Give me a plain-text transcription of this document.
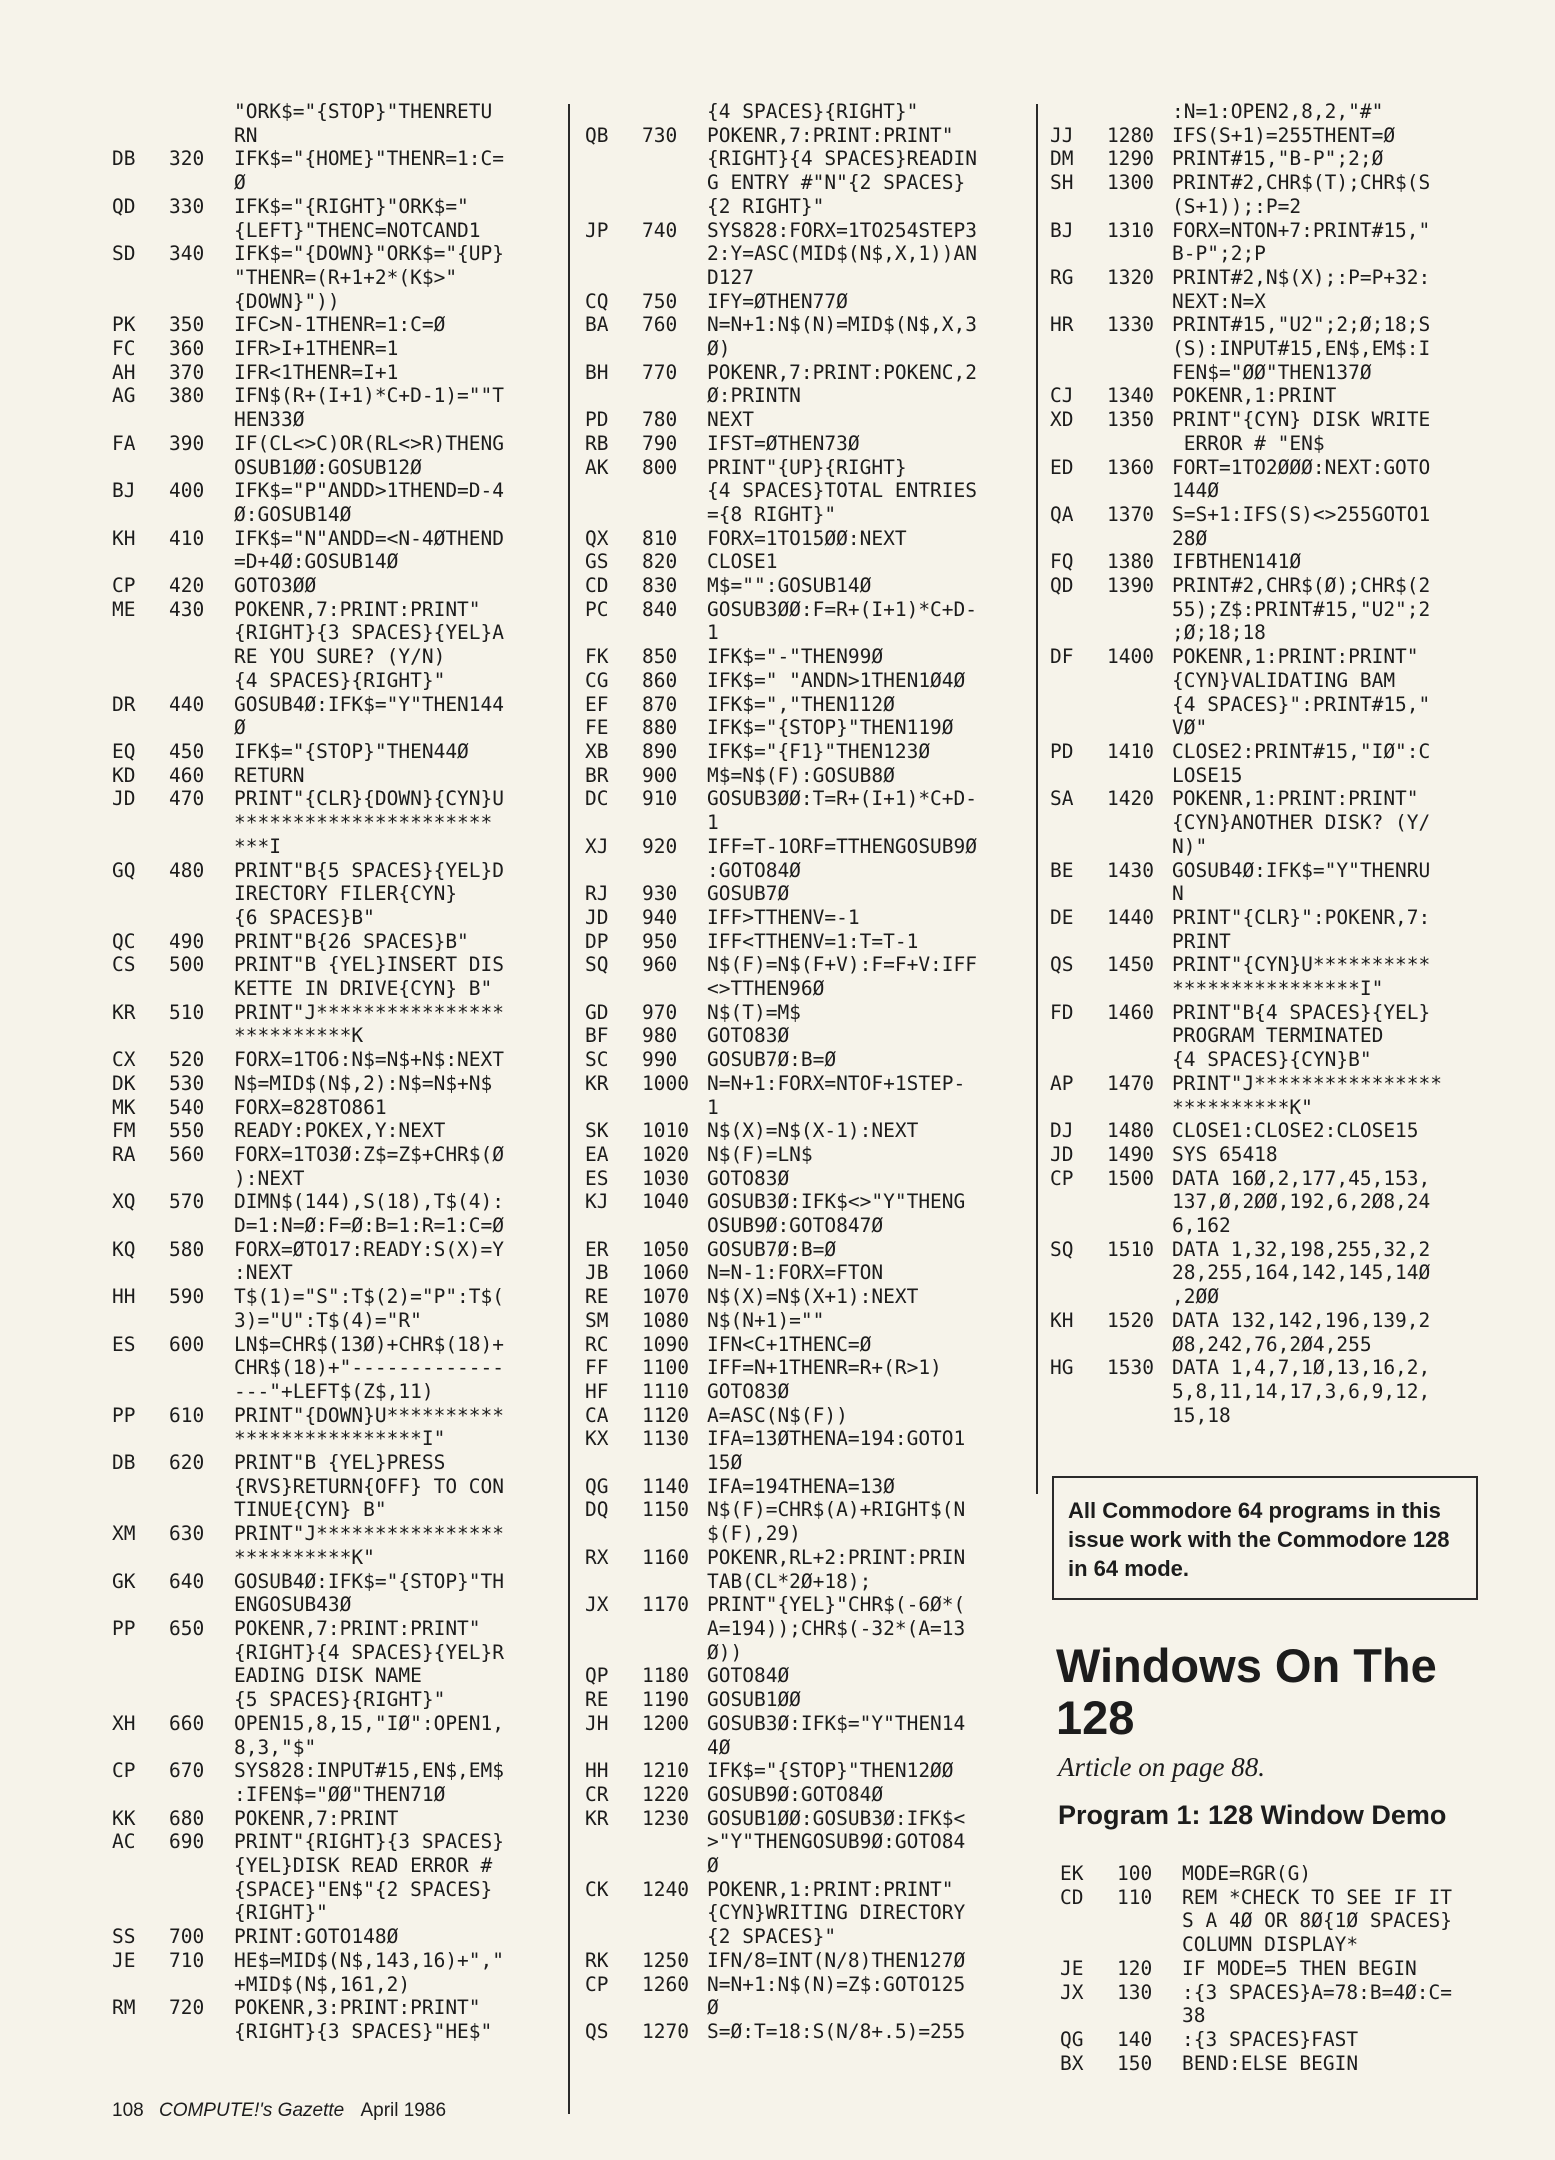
"ORK$="{STOP}"THENRETU
RN
DB	320	IFK$="{HOME}"THENR=1:C=
Ø
QD	330	IFK$="{RIGHT}"ORK$="
{LEFT}"THENC=NOTCAND1
SD	340	IFK$="{DOWN}"ORK$="{UP}
"THENR=(R+1+2*(K$>"
{DOWN}"))
PK	350	IFC>N-1THENR=1:C=Ø
FC	360	IFR>I+1THENR=1
AH	370	IFR<1THENR=I+1
AG	380	IFN$(R+(I+1)*C+D-1)=""T
HEN33Ø
FA	390	IF(CL<>C)OR(RL<>R)THENG
OSUB1ØØ:GOSUB12Ø
BJ	400	IFK$="P"ANDD>1THEND=D-4
Ø:GOSUB14Ø
KH	410	IFK$="N"ANDD=<N-4ØTHEND
=D+4Ø:GOSUB14Ø
CP	420	GOTO3ØØ
ME	430	POKENR,7:PRINT:PRINT"
{RIGHT}{3 SPACES}{YEL}A
RE YOU SURE? (Y/N)
{4 SPACES}{RIGHT}"
DR	440	GOSUB4Ø:IFK$="Y"THEN144
Ø
EQ	450	IFK$="{STOP}"THEN44Ø
KD	460	RETURN
JD	470	PRINT"{CLR}{DOWN}{CYN}U
**********************
***I
GQ	480	PRINT"B{5 SPACES}{YEL}D
IRECTORY FILER{CYN}
{6 SPACES}B"
QC	490	PRINT"B{26 SPACES}B"
CS	500	PRINT"B {YEL}INSERT DIS
KETTE IN DRIVE{CYN} B"
KR	510	PRINT"J****************
**********K
CX	520	FORX=1TO6:N$=N$+N$:NEXT
DK	530	N$=MID$(N$,2):N$=N$+N$
MK	540	FORX=828TO861
FM	550	READY:POKEX,Y:NEXT
RA	560	FORX=1TO3Ø:Z$=Z$+CHR$(Ø
):NEXT
XQ	570	DIMN$(144),S(18),T$(4):
D=1:N=Ø:F=Ø:B=1:R=1:C=Ø
KQ	580	FORX=ØTO17:READY:S(X)=Y
:NEXT
HH	590	T$(1)="S":T$(2)="P":T$(
3)="U":T$(4)="R"
ES	600	LN$=CHR$(13Ø)+CHR$(18)+
CHR$(18)+"-------------
---"+LEFT$(Z$,11)
PP	610	PRINT"{DOWN}U**********
****************I"
DB	620	PRINT"B {YEL}PRESS
{RVS}RETURN{OFF} TO CON
TINUE{CYN} B"
XM	630	PRINT"J****************
**********K"
GK	640	GOSUB4Ø:IFK$="{STOP}"TH
ENGOSUB43Ø
PP	650	POKENR,7:PRINT:PRINT"
{RIGHT}{4 SPACES}{YEL}R
EADING DISK NAME
{5 SPACES}{RIGHT}"
XH	660	OPEN15,8,15,"IØ":OPEN1,
8,3,"$"
CP	670	SYS828:INPUT#15,EN$,EM$
:IFEN$="ØØ"THEN71Ø
KK	680	POKENR,7:PRINT
AC	690	PRINT"{RIGHT}{3 SPACES}
{YEL}DISK READ ERROR #
{SPACE}"EN$"{2 SPACES}
{RIGHT}"
SS	700	PRINT:GOTO148Ø
JE	710	HE$=MID$(N$,143,16)+","
+MID$(N$,161,2)
RM	720	POKENR,3:PRINT:PRINT"
{RIGHT}{3 SPACES}"HE$"
{4 SPACES}{RIGHT}"
QB	730	POKENR,7:PRINT:PRINT"
{RIGHT}{4 SPACES}READIN
G ENTRY #"N"{2 SPACES}
{2 RIGHT}"
JP	740	SYS828:FORX=1TO254STEP3
2:Y=ASC(MID$(N$,X,1))AN
D127
CQ	750	IFY=ØTHEN77Ø
BA	760	N=N+1:N$(N)=MID$(N$,X,3
Ø)
BH	770	POKENR,7:PRINT:POKENC,2
Ø:PRINTN
PD	780	NEXT
RB	790	IFST=ØTHEN73Ø
AK	800	PRINT"{UP}{RIGHT}
{4 SPACES}TOTAL ENTRIES
={8 RIGHT}"
QX	810	FORX=1TO15ØØ:NEXT
GS	820	CLOSE1
CD	830	M$="":GOSUB14Ø
PC	840	GOSUB3ØØ:F=R+(I+1)*C+D-
1
FK	850	IFK$="-"THEN99Ø
CG	860	IFK$=" "ANDN>1THEN1Ø4Ø
EF	870	IFK$=","THEN112Ø
FE	880	IFK$="{STOP}"THEN119Ø
XB	890	IFK$="{F1}"THEN123Ø
BR	900	M$=N$(F):GOSUB8Ø
DC	910	GOSUB3ØØ:T=R+(I+1)*C+D-
1
XJ	920	IFF=T-1ORF=TTHENGOSUB9Ø
:GOTO84Ø
RJ	930	GOSUB7Ø
JD	940	IFF>TTHENV=-1
DP	950	IFF<TTHENV=1:T=T-1
SQ	960	N$(F)=N$(F+V):F=F+V:IFF
<>TTHEN96Ø
GD	970	N$(T)=M$
BF	980	GOTO83Ø
SC	990	GOSUB7Ø:B=Ø
KR	1000 N=N+1:FORX=NTOF+1STEP-
1
SK	1010 N$(X)=N$(X-1):NEXT
EA	1020 N$(F)=LN$
ES	1030 GOTO83Ø
KJ	1040 GOSUB3Ø:IFK$<>"Y"THENG
OSUB9Ø:GOTO847Ø
ER	1050 GOSUB7Ø:B=Ø
JB	1060 N=N-1:FORX=FTON
RE	1070 N$(X)=N$(X+1):NEXT
SM	1080 N$(N+1)=""
RC	1090 IFN<C+1THENC=Ø
FF	1100 IFF=N+1THENR=R+(R>1)
HF	1110 GOTO83Ø
CA	1120 A=ASC(N$(F))
KX	1130 IFA=13ØTHENA=194:GOTO1
15Ø
QG	1140 IFA=194THENA=13Ø
DQ	1150 N$(F)=CHR$(A)+RIGHT$(N
$(F),29)
RX	1160 POKENR,RL+2:PRINT:PRIN
TAB(CL*2Ø+18);
JX	1170 PRINT"{YEL}"CHR$(-6Ø*(
A=194));CHR$(-32*(A=13
Ø))
QP	1180 GOTO84Ø
RE	1190 GOSUB1ØØ
JH	1200 GOSUB3Ø:IFK$="Y"THEN14
4Ø
HH	1210 IFK$="{STOP}"THEN12ØØ
CR	1220 GOSUB9Ø:GOTO84Ø
KR	1230 GOSUB1ØØ:GOSUB3Ø:IFK$<
>"Y"THENGOSUB9Ø:GOTO84
Ø
CK	1240 POKENR,1:PRINT:PRINT"
{CYN}WRITING DIRECTORY
{2 SPACES}"
RK	1250 IFN/8=INT(N/8)THEN127Ø
CP	1260 N=N+1:N$(N)=Z$:GOTO125
Ø
QS	1270 S=Ø:T=18:S(N/8+.5)=255
:N=1:OPEN2,8,2,"#"
JJ	1280 IFS(S+1)=255THENT=Ø
DM	1290 PRINT#15,"B-P";2;Ø
SH	1300 PRINT#2,CHR$(T);CHR$(S
(S+1));:P=2
BJ	1310 FORX=NTON+7:PRINT#15,"
B-P";2;P
RG	1320 PRINT#2,N$(X);:P=P+32:
NEXT:N=X
HR	1330 PRINT#15,"U2";2;Ø;18;S
(S):INPUT#15,EN$,EM$:I
FEN$="ØØ"THEN137Ø
CJ	1340 POKENR,1:PRINT
XD	1350 PRINT"{CYN} DISK WRITE
ERROR # "EN$
ED	1360 FORT=1TO2ØØØ:NEXT:GOTO
144Ø
QA	1370 S=S+1:IFS(S)<>255GOTO1
28Ø
FQ	1380 IFBTHEN141Ø
QD	1390 PRINT#2,CHR$(Ø);CHR$(2
55);Z$:PRINT#15,"U2";2
;Ø;18;18
DF	1400 POKENR,1:PRINT:PRINT"
{CYN}VALIDATING BAM
{4 SPACES}":PRINT#15,"
VØ"
PD	1410 CLOSE2:PRINT#15,"IØ":C
LOSE15
SA	1420 POKENR,1:PRINT:PRINT"
{CYN}ANOTHER DISK? (Y/
N)"
BE	1430 GOSUB4Ø:IFK$="Y"THENRU
N
DE	1440 PRINT"{CLR}":POKENR,7:
PRINT
QS	1450 PRINT"{CYN}U**********
****************I"
FD	1460 PRINT"B{4 SPACES}{YEL}
PROGRAM TERMINATED
{4 SPACES}{CYN}B"
AP	1470 PRINT"J****************
**********K"
DJ	1480 CLOSE1:CLOSE2:CLOSE15
JD	1490 SYS 65418
CP	1500 DATA 16Ø,2,177,45,153,
137,Ø,2ØØ,192,6,2Ø8,24
6,162
SQ	1510 DATA 1,32,198,255,32,2
28,255,164,142,145,14Ø
,2ØØ
KH	1520 DATA 132,142,196,139,2
Ø8,242,76,2Ø4,255
HG	1530 DATA 1,4,7,1Ø,13,16,2,
5,8,11,14,17,3,6,9,12,
15,18
All Commodore 64 programs in this issue work with the Commodore 128 in 64 mode.
Windows On The 128
Article on page 88.
Program 1: 128 Window Demo
EK	100	MODE=RGR(G)
CD	110	REM *CHECK TO SEE IF IT
S A 4Ø OR 8Ø{1Ø SPACES}
COLUMN DISPLAY*
JE	120	IF MODE=5 THEN BEGIN
JX	130	:{3 SPACES}A=78:B=4Ø:C=
38
QG	140	:{3 SPACES}FAST
BX	150	BEND:ELSE BEGIN
108 COMPUTE!'s Gazette April 1986
